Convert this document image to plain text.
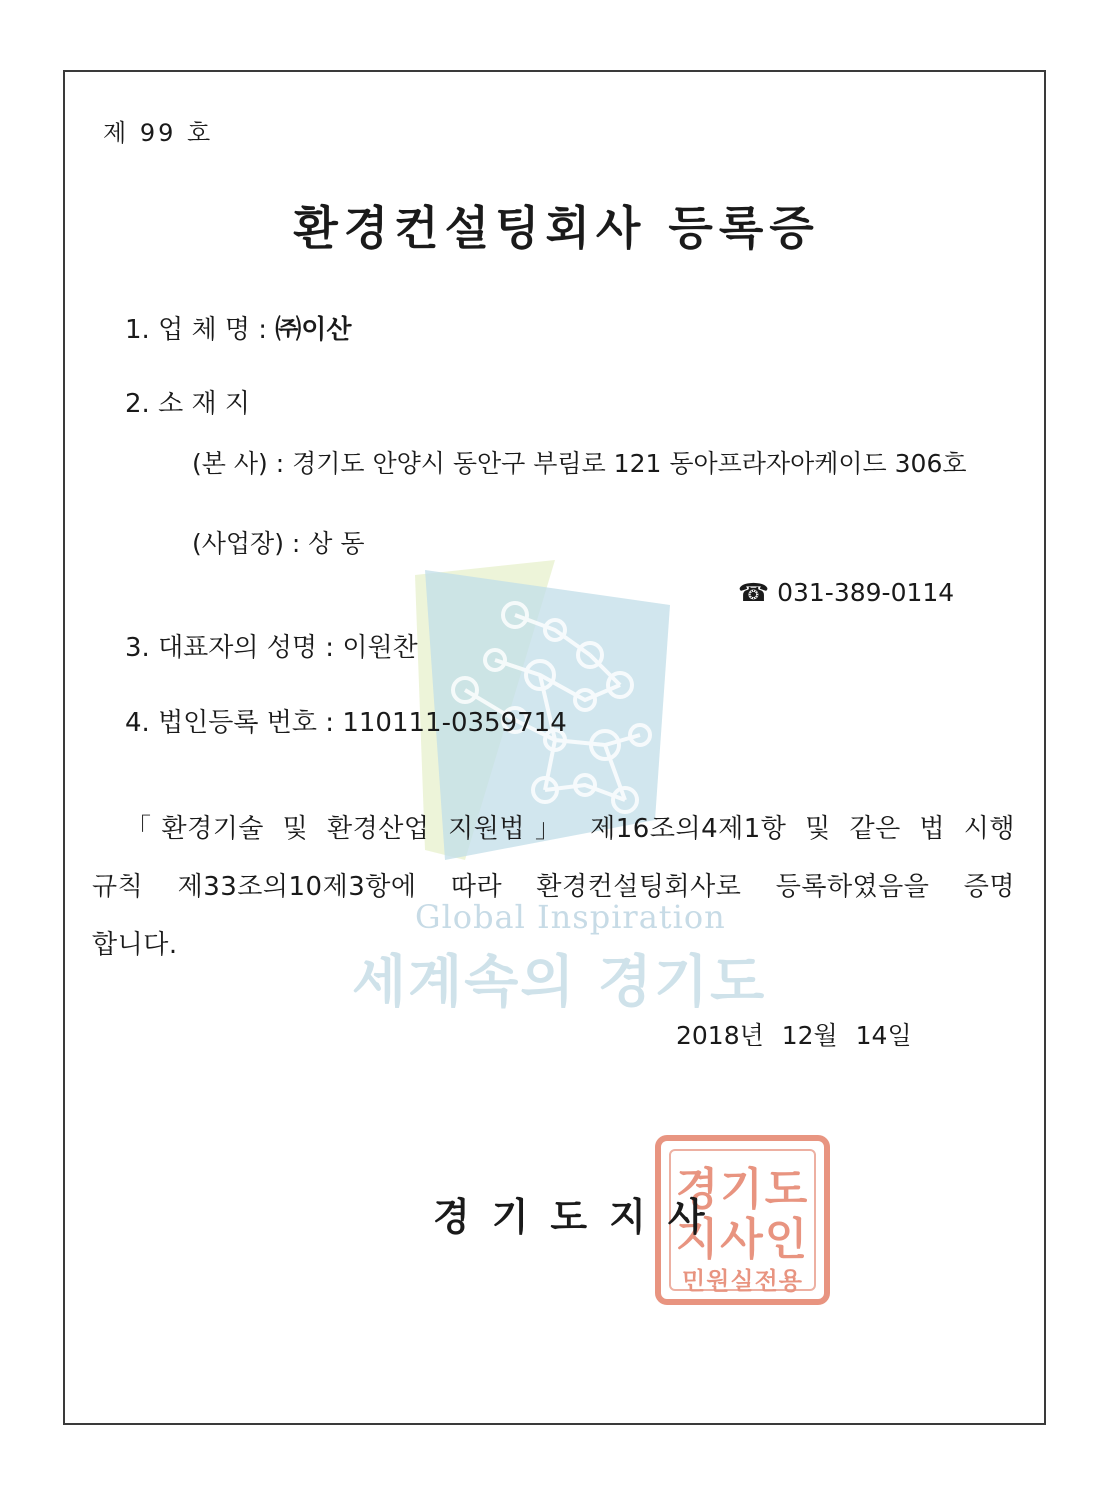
Global Inspiration
세계속의 경기도
제 99 호
환경컨설팅회사 등록증
1. 업 체 명 : ㈜이산
2. 소 재 지
(본 사) : 경기도 안양시 동안구 부림로 121 동아프라자아케이드 306호
(사업장) : 상 동
☎ 031-389-0114
3. 대표자의 성명 : 이원찬
4. 법인등록 번호 : 110111-0359714
「환경기술 및 환경산업 지원법」 제16조의4제1항 및 같은 법 시행
규칙 제33조의10제3항에 따라 환경컨설팅회사로 등록하였음을 증명
합니다.
2018년 12월 14일
경기도
지사인
민원실전용
경기도지사
